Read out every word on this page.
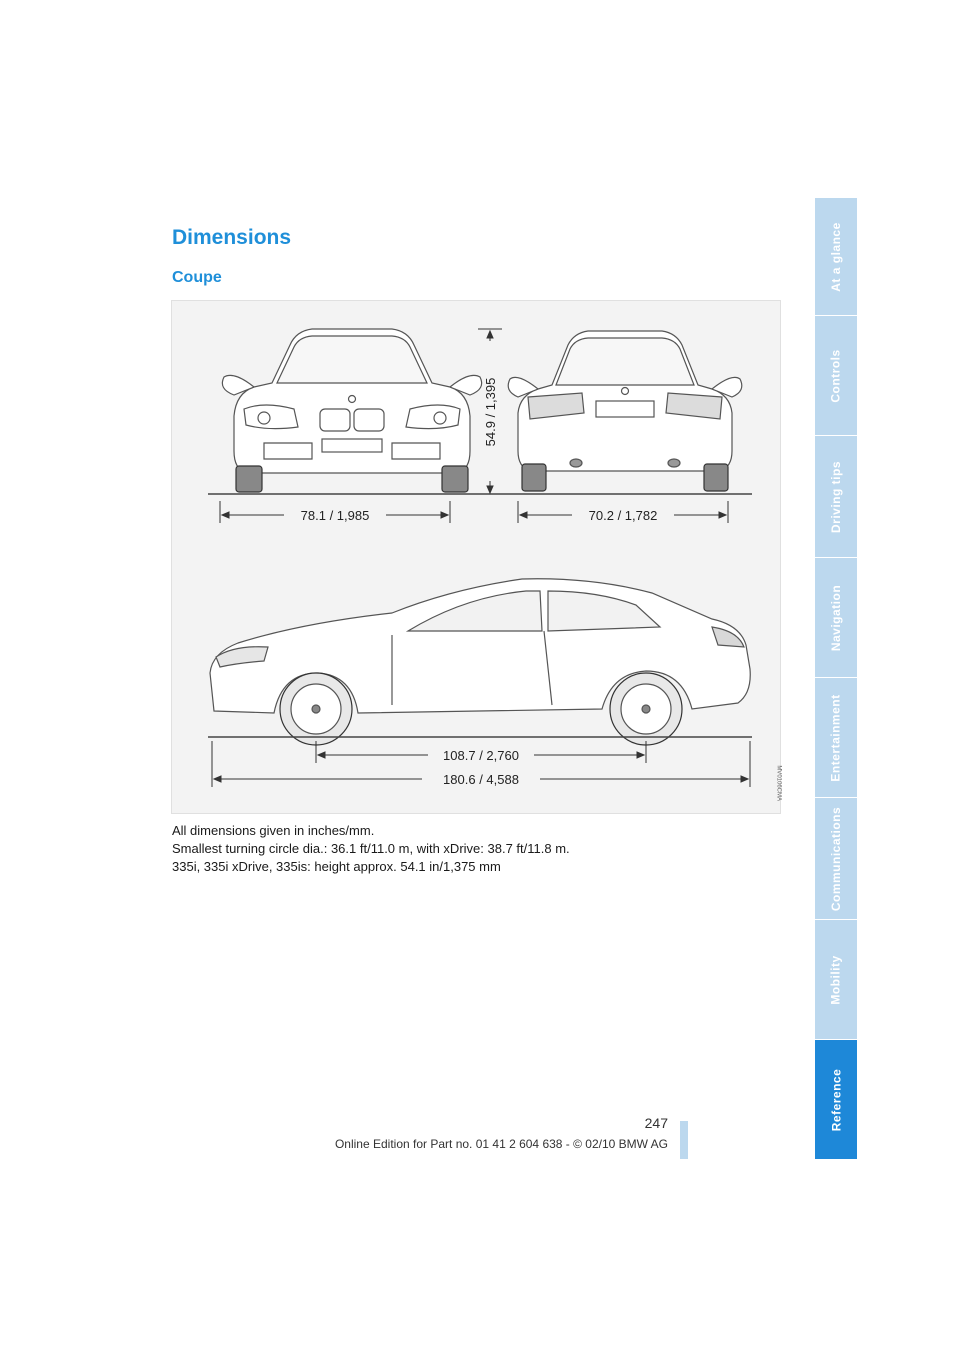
Dimensions
Coupe
78.1 / 1,985	70.2 / 1,782
54.9 / 1,395
108.7 / 2,760
180.6 / 4,588	MV0106CMA

All dimensions given in inches/mm.

Smallest turning circle dia.: 36.1 ft/11.0 m, with xDrive: 38.7 ft/11.8 m.

335i, 335i xDrive, 335is: height approx. 54.1 in/1,375 mm

247
Online Edition for Part no. 01 41 2 604 638 - © 02/10 BMW AG
At a glance
Controls
Driving tips
Navigation
Entertainment
Communications
Mobility
Reference
